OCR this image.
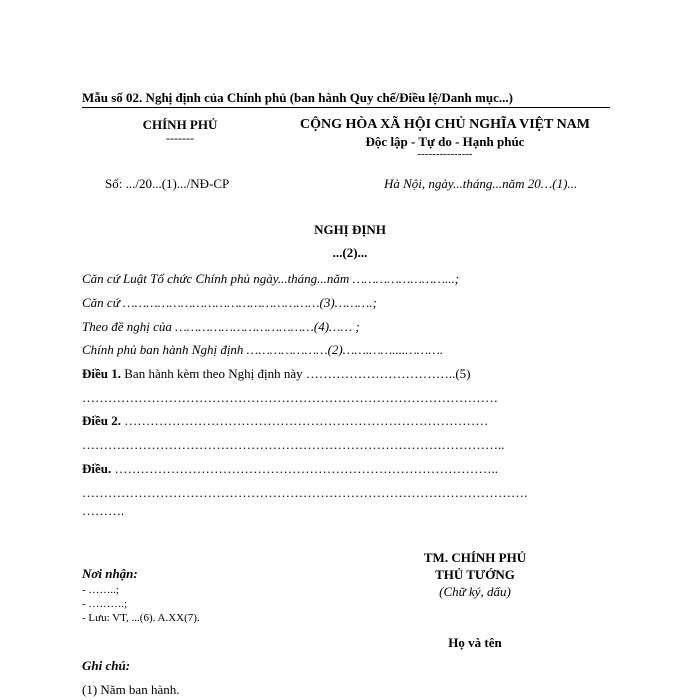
Mẫu số 02. Nghị định của Chính phủ (ban hành Quy chế/Điều lệ/Danh mục...)
CHÍNH PHỦ
-------
CỘNG HÒA XÃ HỘI CHỦ NGHĨA VIỆT NAM
Độc lập - Tự do - Hạnh phúc
---------------
Số: .../20...(1).../NĐ-CP	Hà Nội, ngày...tháng...năm 20…(1)...
NGHỊ ĐỊNH
...(2)...
Căn cứ Luật Tổ chức Chính phủ ngày...tháng...năm ……………………...;
Căn cứ ……………………………………………(3)……….;
Theo đề nghị của ………………………………(4)…… ;
Chính phủ ban hành Nghị định …………………(2)…….……....……….
Điều 1. Ban hành kèm theo Nghị định này ……………………………..(5)
……………………………………………………………………………………
Điều 2. …………………………………………………………………………
……………………………………………………………………………………..
Điều. ……………………………………………………………………………..
………………………………………………………………………………………….
……….
Nơi nhận:
- ……..;
- ……….;
- Lưu: VT, ...(6). A.XX(7).
TM. CHÍNH PHỦ
THỦ TƯỚNG
(Chữ ký, dấu)
Họ và tên
Ghi chú:
(1) Năm ban hành.
